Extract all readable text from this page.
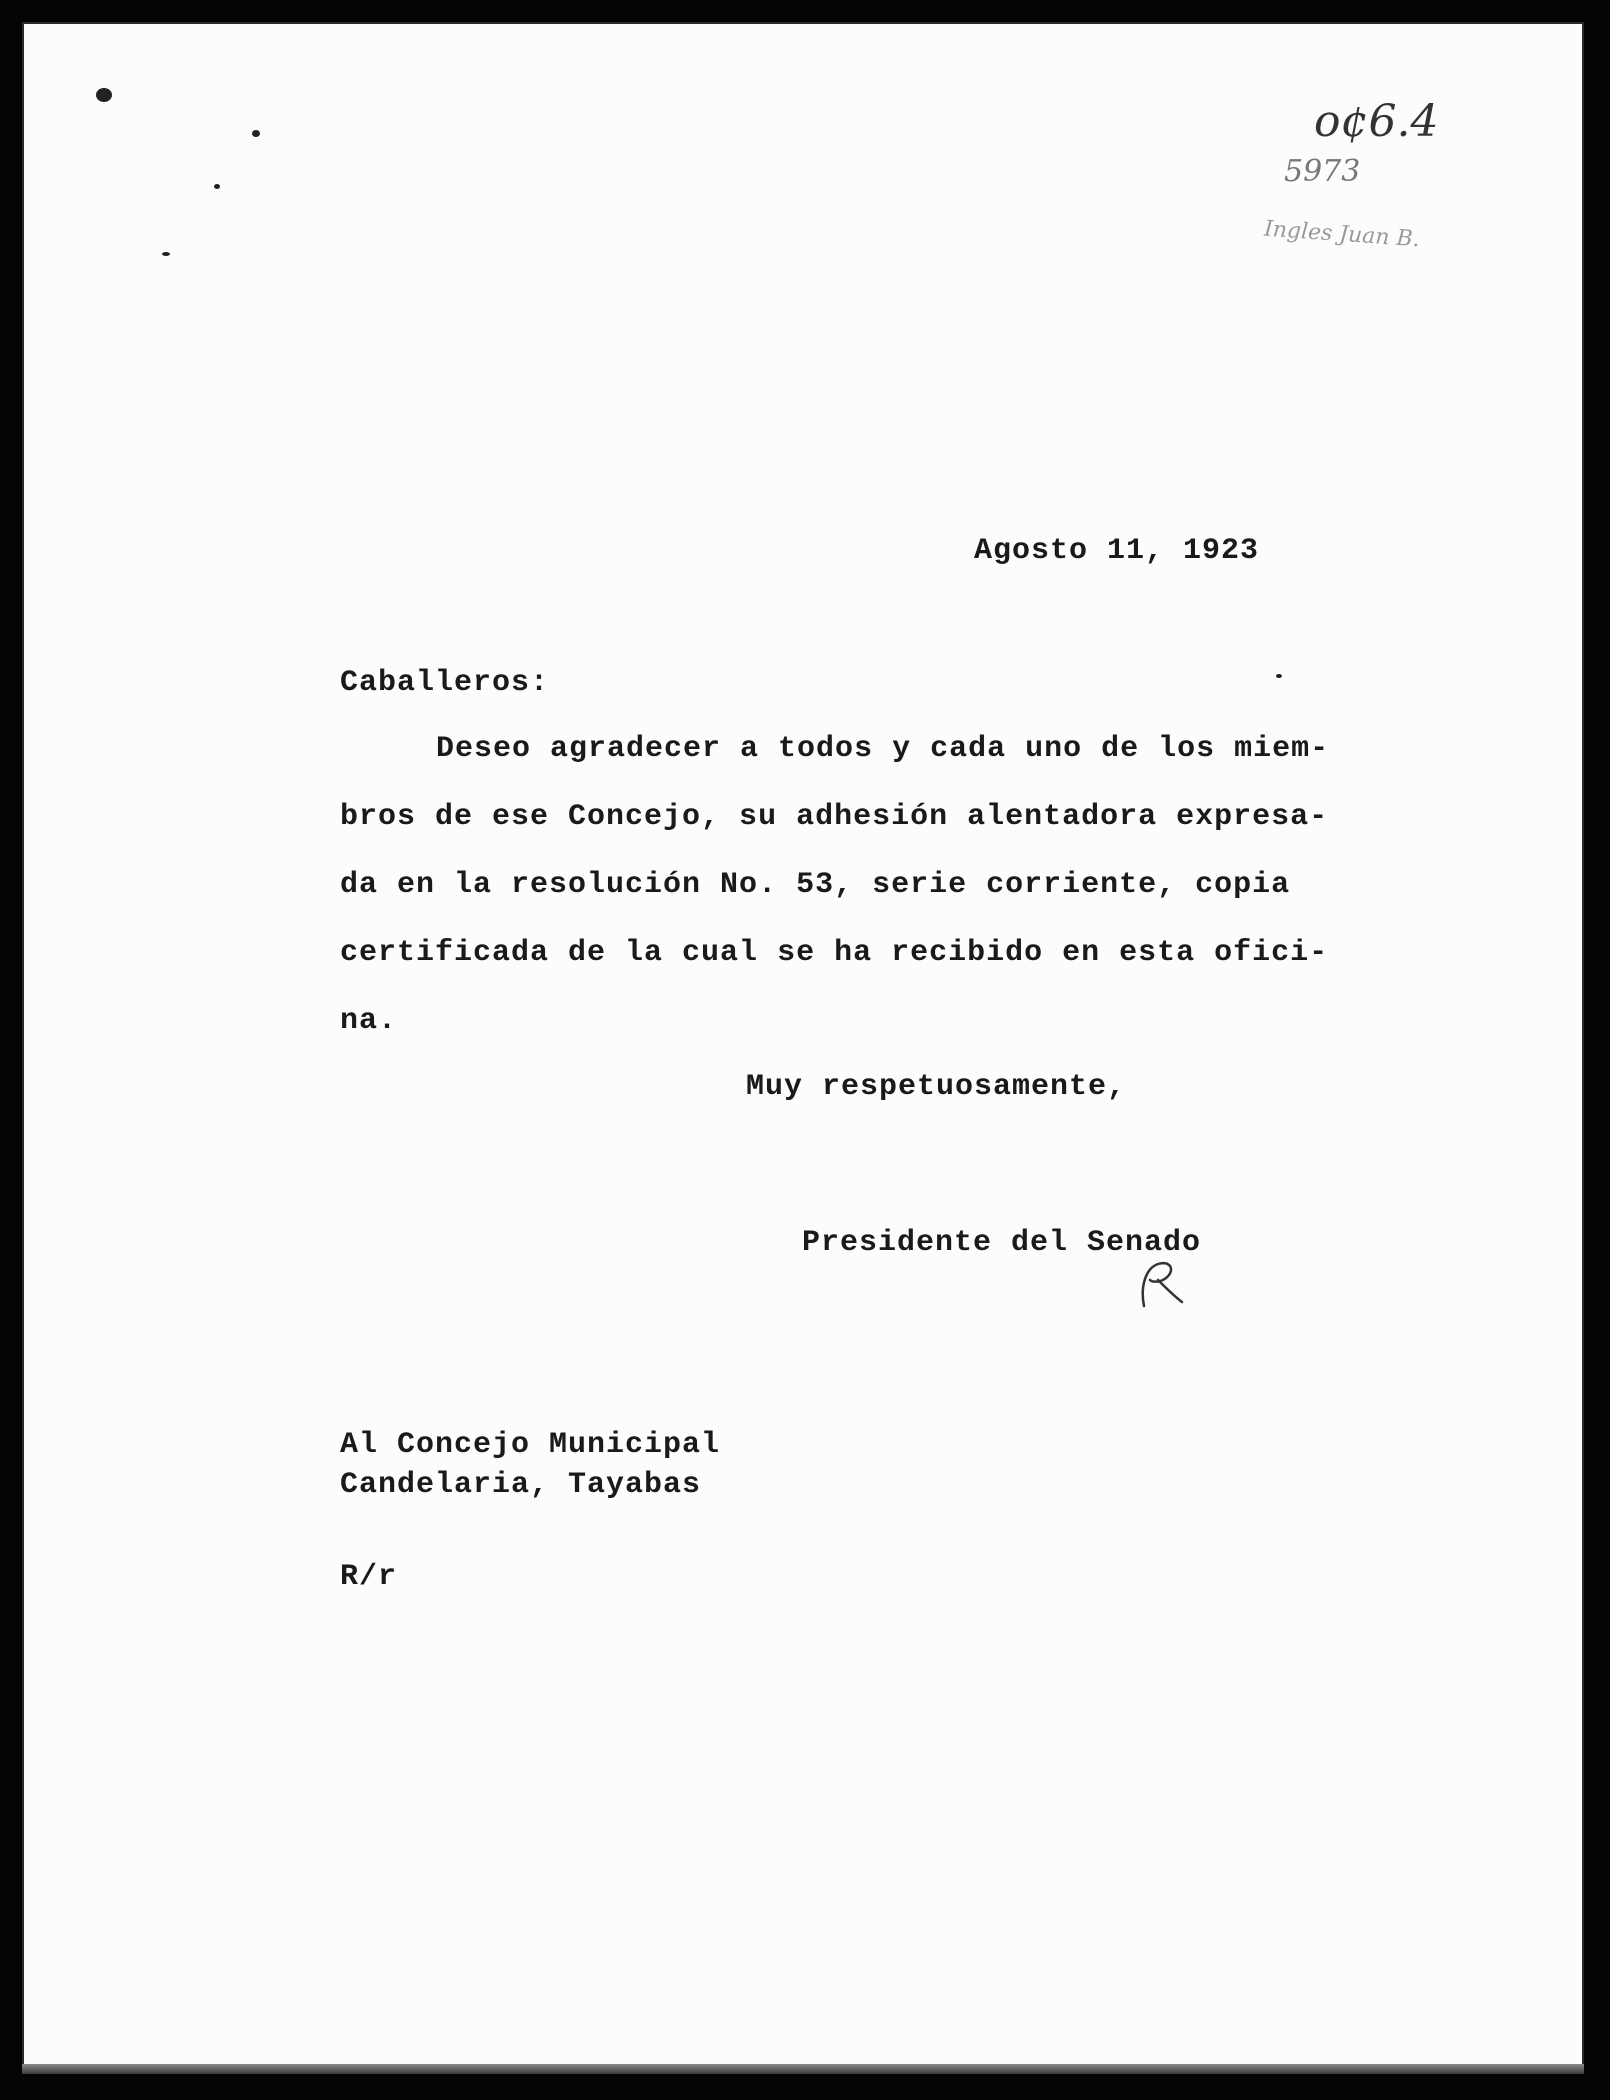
o¢6.4
5973
Ingles Juan B.
Agosto 11, 1923
Caballeros:
Deseo agradecer a todos y cada uno de los miem-
bros de ese Concejo, su adhesión alentadora expresa-
da en la resolución No. 53, serie corriente, copia
certificada de la cual se ha recibido en esta ofici-
na.
Muy respetuosamente,
Presidente del Senado
Al Concejo Municipal
Candelaria, Tayabas
R/r
